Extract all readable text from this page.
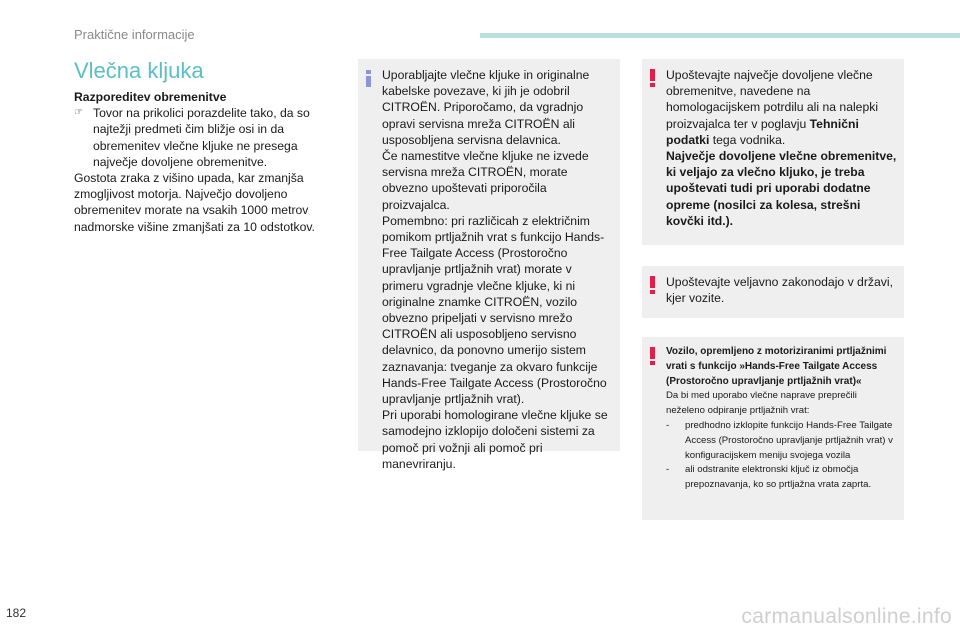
Praktične informacije
Vlečna kljuka
Razporeditev obremenitve
☞ Tovor na prikolici porazdelite tako, da so najtežji predmeti čim bližje osi in da obremenitev vlečne kljuke ne presega največje dovoljene obremenitve.
Gostota zraka z višino upada, kar zmanjša zmogljivost motorja. Največjo dovoljeno obremenitev morate na vsakih 1000 metrov nadmorske višine zmanjšati za 10 odstotkov.
Uporabljajte vlečne kljuke in originalne kabelske povezave, ki jih je odobril CITROËN. Priporočamo, da vgradnjo opravi servisna mreža CITROËN ali usposobljena servisna delavnica.
Če namestitve vlečne kljuke ne izvede servisna mreža CITROËN, morate obvezno upoštevati priporočila proizvajalca.
Pomembno: pri različicah z električnim pomikom prtljažnih vrat s funkcijo Hands-Free Tailgate Access (Prostoročno upravljanje prtljažnih vrat) morate v primeru vgradnje vlečne kljuke, ki ni originalne znamke CITROËN, vozilo obvezno pripeljati v servisno mrežo CITROËN ali usposobljeno servisno delavnico, da ponovno umerijo sistem zaznavanja: tveganje za okvaro funkcije Hands-Free Tailgate Access (Prostoročno upravljanje prtljažnih vrat).
Pri uporabi homologirane vlečne kljuke se samodejno izklopijo določeni sistemi za pomoč pri vožnji ali pomoč pri manevriranju.
Upoštevajte največje dovoljene vlečne obremenitve, navedene na homologacijskem potrdilu ali na nalepki proizvajalca ter v poglavju Tehnični podatki tega vodnika.
Največje dovoljene vlečne obremenitve, ki veljajo za vlečno kljuko, je treba upoštevati tudi pri uporabi dodatne opreme (nosilci za kolesa, strešni kovčki itd.).
Upoštevajte veljavno zakonodajo v državi, kjer vozite.
Vozilo, opremljeno z motoriziranimi prtljažnimi vrati s funkcijo »Hands-Free Tailgate Access (Prostoročno upravljanje prtljažnih vrat)«
Da bi med uporabo vlečne naprave preprečili neželeno odpiranje prtljažnih vrat:
-	predhodno izklopite funkcijo Hands-Free Tailgate Access (Prostoročno upravljanje prtljažnih vrat) v konfiguracijskem meniju svojega vozila
-	ali odstranite elektronski ključ iz območja prepoznavanja, ko so prtljažna vrata zaprta.
182	carmanualsonline.info
